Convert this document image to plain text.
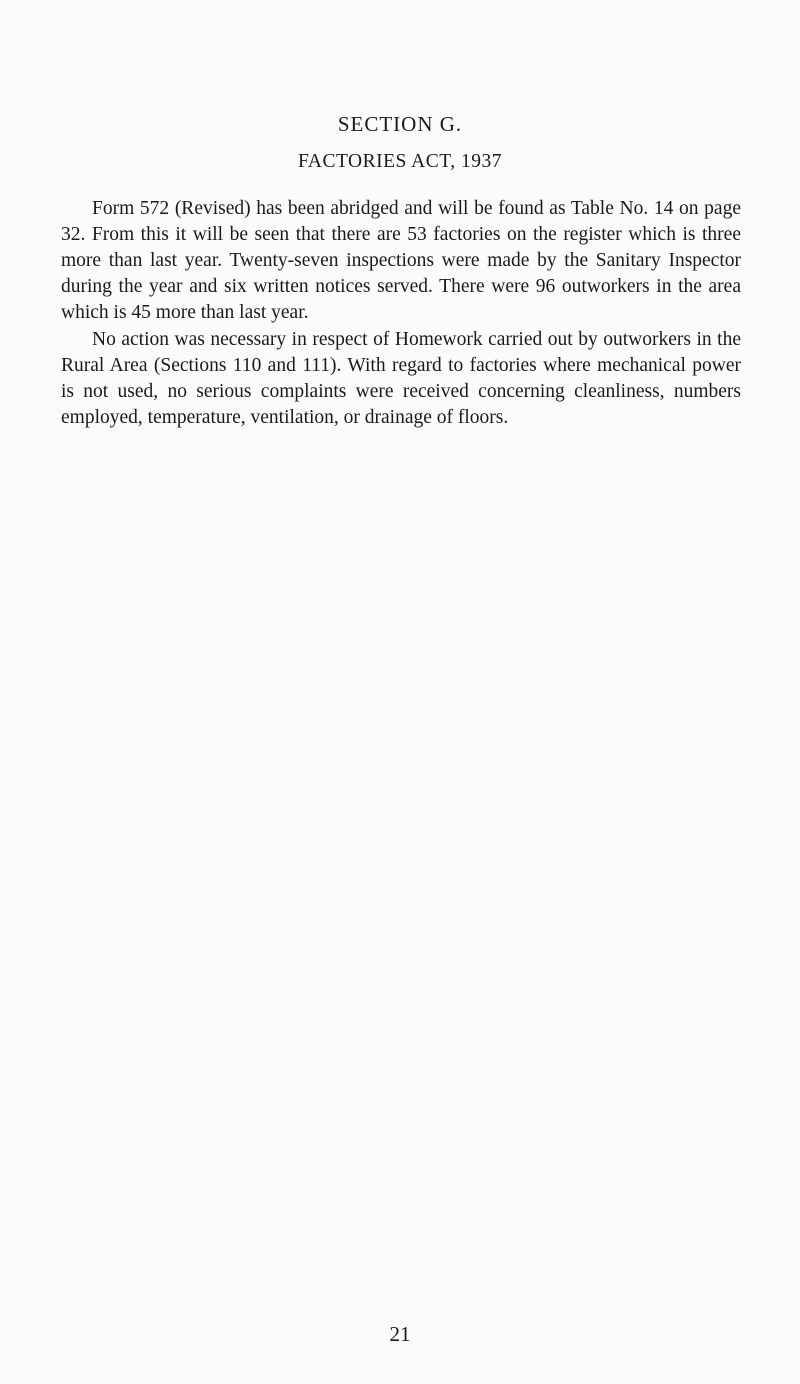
SECTION G.
FACTORIES ACT, 1937

Form 572 (Revised) has been abridged and will be found as Table No. 14 on page 32. From this it will be seen that there are 53 factories on the register which is three more than last year. Twenty-seven inspections were made by the Sanitary Inspector during the year and six written notices served. There were 96 outworkers in the area which is 45 more than last year.

No action was necessary in respect of Homework carried out by outworkers in the Rural Area (Sections 110 and 111). With regard to factories where mechanical power is not used, no serious complaints were received concerning cleanliness, numbers employed, temperature, ventilation, or drainage of floors.

21
